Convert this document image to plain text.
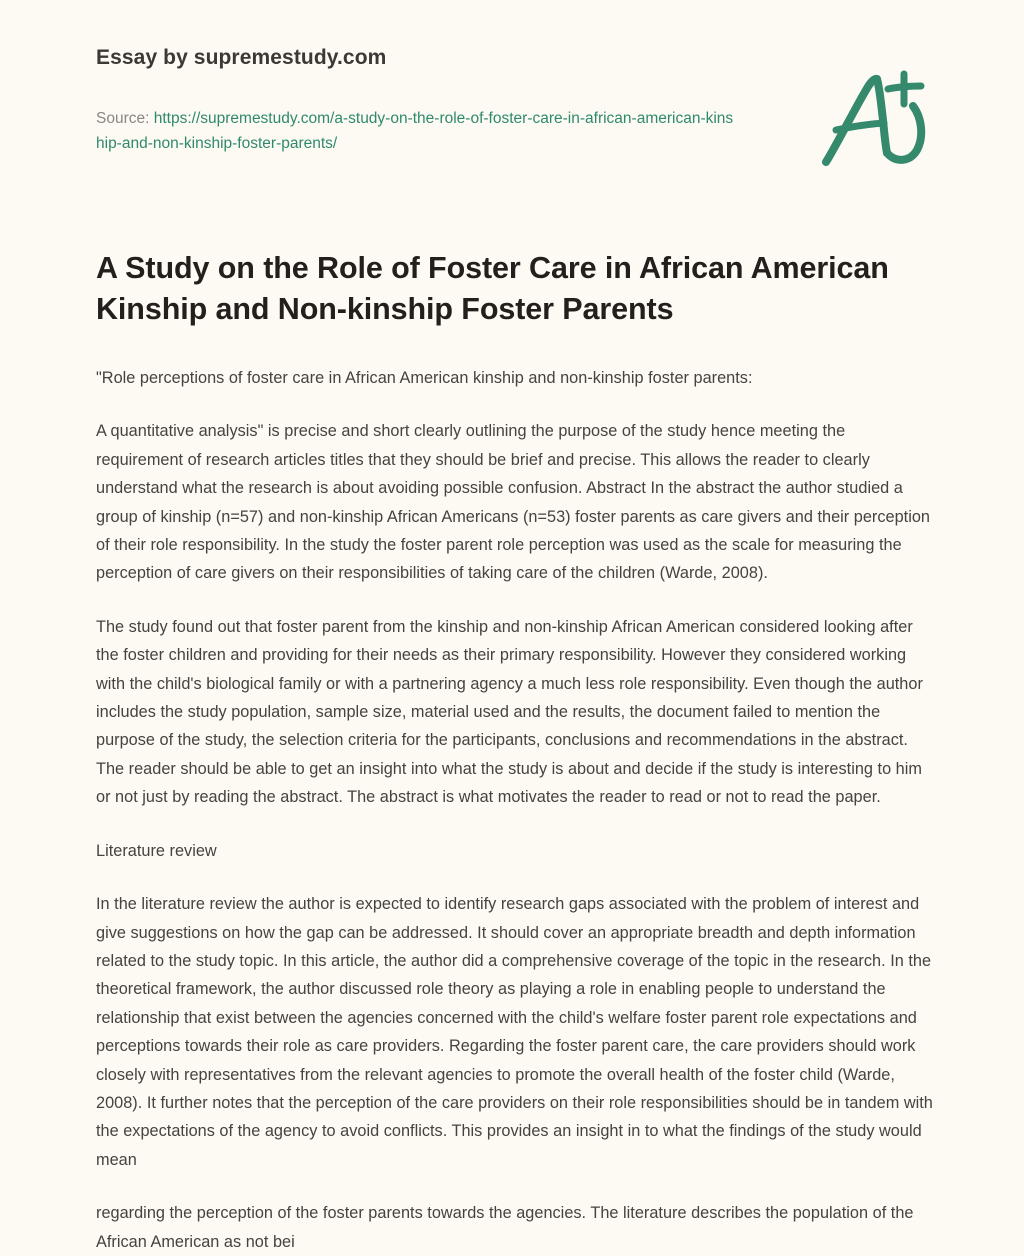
Essay by supremestudy.com
Source: https://supremestudy.com/a-study-on-the-role-of-foster-care-in-african-american-kinship-and-non-kinship-foster-parents/
A Study on the Role of Foster Care in African American Kinship and Non-kinship Foster Parents

"Role perceptions of foster care in African American kinship and non-kinship foster parents:

A quantitative analysis" is precise and short clearly outlining the purpose of the study hence meeting the requirement of research articles titles that they should be brief and precise. This allows the reader to clearly understand what the research is about avoiding possible confusion. Abstract In the abstract the author studied a group of kinship (n=57) and non-kinship African Americans (n=53) foster parents as care givers and their perception of their role responsibility. In the study the foster parent role perception was used as the scale for measuring the perception of care givers on their responsibilities of taking care of the children (Warde, 2008).

The study found out that foster parent from the kinship and non-kinship African American considered looking after the foster children and providing for their needs as their primary responsibility. However they considered working with the child's biological family or with a partnering agency a much less role responsibility. Even though the author includes the study population, sample size, material used and the results, the document failed to mention the purpose of the study, the selection criteria for the participants, conclusions and recommendations in the abstract. The reader should be able to get an insight into what the study is about and decide if the study is interesting to him or not just by reading the abstract. The abstract is what motivates the reader to read or not to read the paper.

Literature review

In the literature review the author is expected to identify research gaps associated with the problem of interest and give suggestions on how the gap can be addressed. It should cover an appropriate breadth and depth information related to the study topic. In this article, the author did a comprehensive coverage of the topic in the research. In the theoretical framework, the author discussed role theory as playing a role in enabling people to understand the relationship that exist between the agencies concerned with the child's welfare foster parent role expectations and perceptions towards their role as care providers. Regarding the foster parent care, the care providers should work closely with representatives from the relevant agencies to promote the overall health of the foster child (Warde, 2008). It further notes that the perception of the care providers on their role responsibilities should be in tandem with the expectations of the agency to avoid conflicts. This provides an insight in to what the findings of the study would mean

regarding the perception of the foster parents towards the agencies. The literature describes the population of the African American as not bei
